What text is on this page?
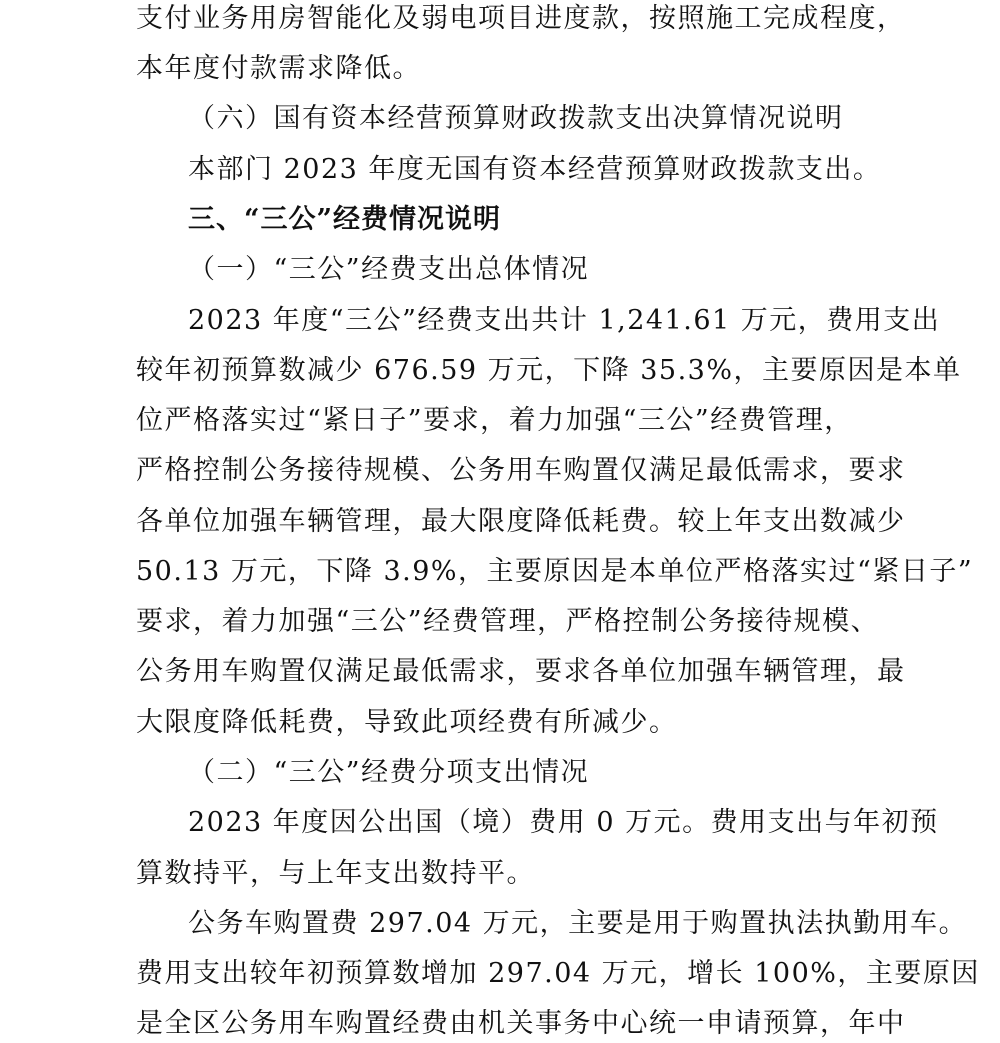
支付业务用房智能化及弱电项目进度款，按照施工完成程度，
本年度付款需求降低。
（六）国有资本经营预算财政拨款支出决算情况说明
本部门 2023 年度无国有资本经营预算财政拨款支出。
三、“三公”经费情况说明
（一）“三公”经费支出总体情况
2023 年度“三公”经费支出共计 1,241.61 万元，费用支出
较年初预算数减少 676.59 万元，下降 35.3%，主要原因是本单
位严格落实过“紧日子”要求，着力加强“三公”经费管理，
严格控制公务接待规模、公务用车购置仅满足最低需求，要求
各单位加强车辆管理，最大限度降低耗费。较上年支出数减少
50.13 万元，下降 3.9%，主要原因是本单位严格落实过“紧日子”
要求，着力加强“三公”经费管理，严格控制公务接待规模、
公务用车购置仅满足最低需求，要求各单位加强车辆管理，最
大限度降低耗费，导致此项经费有所减少。
（二）“三公”经费分项支出情况
2023 年度因公出国（境）费用 0 万元。费用支出与年初预
算数持平，与上年支出数持平。
公务车购置费 297.04 万元，主要是用于购置执法执勤用车。
费用支出较年初预算数增加 297.04 万元，增长 100%，主要原因
是全区公务用车购置经费由机关事务中心统一申请预算，年中
